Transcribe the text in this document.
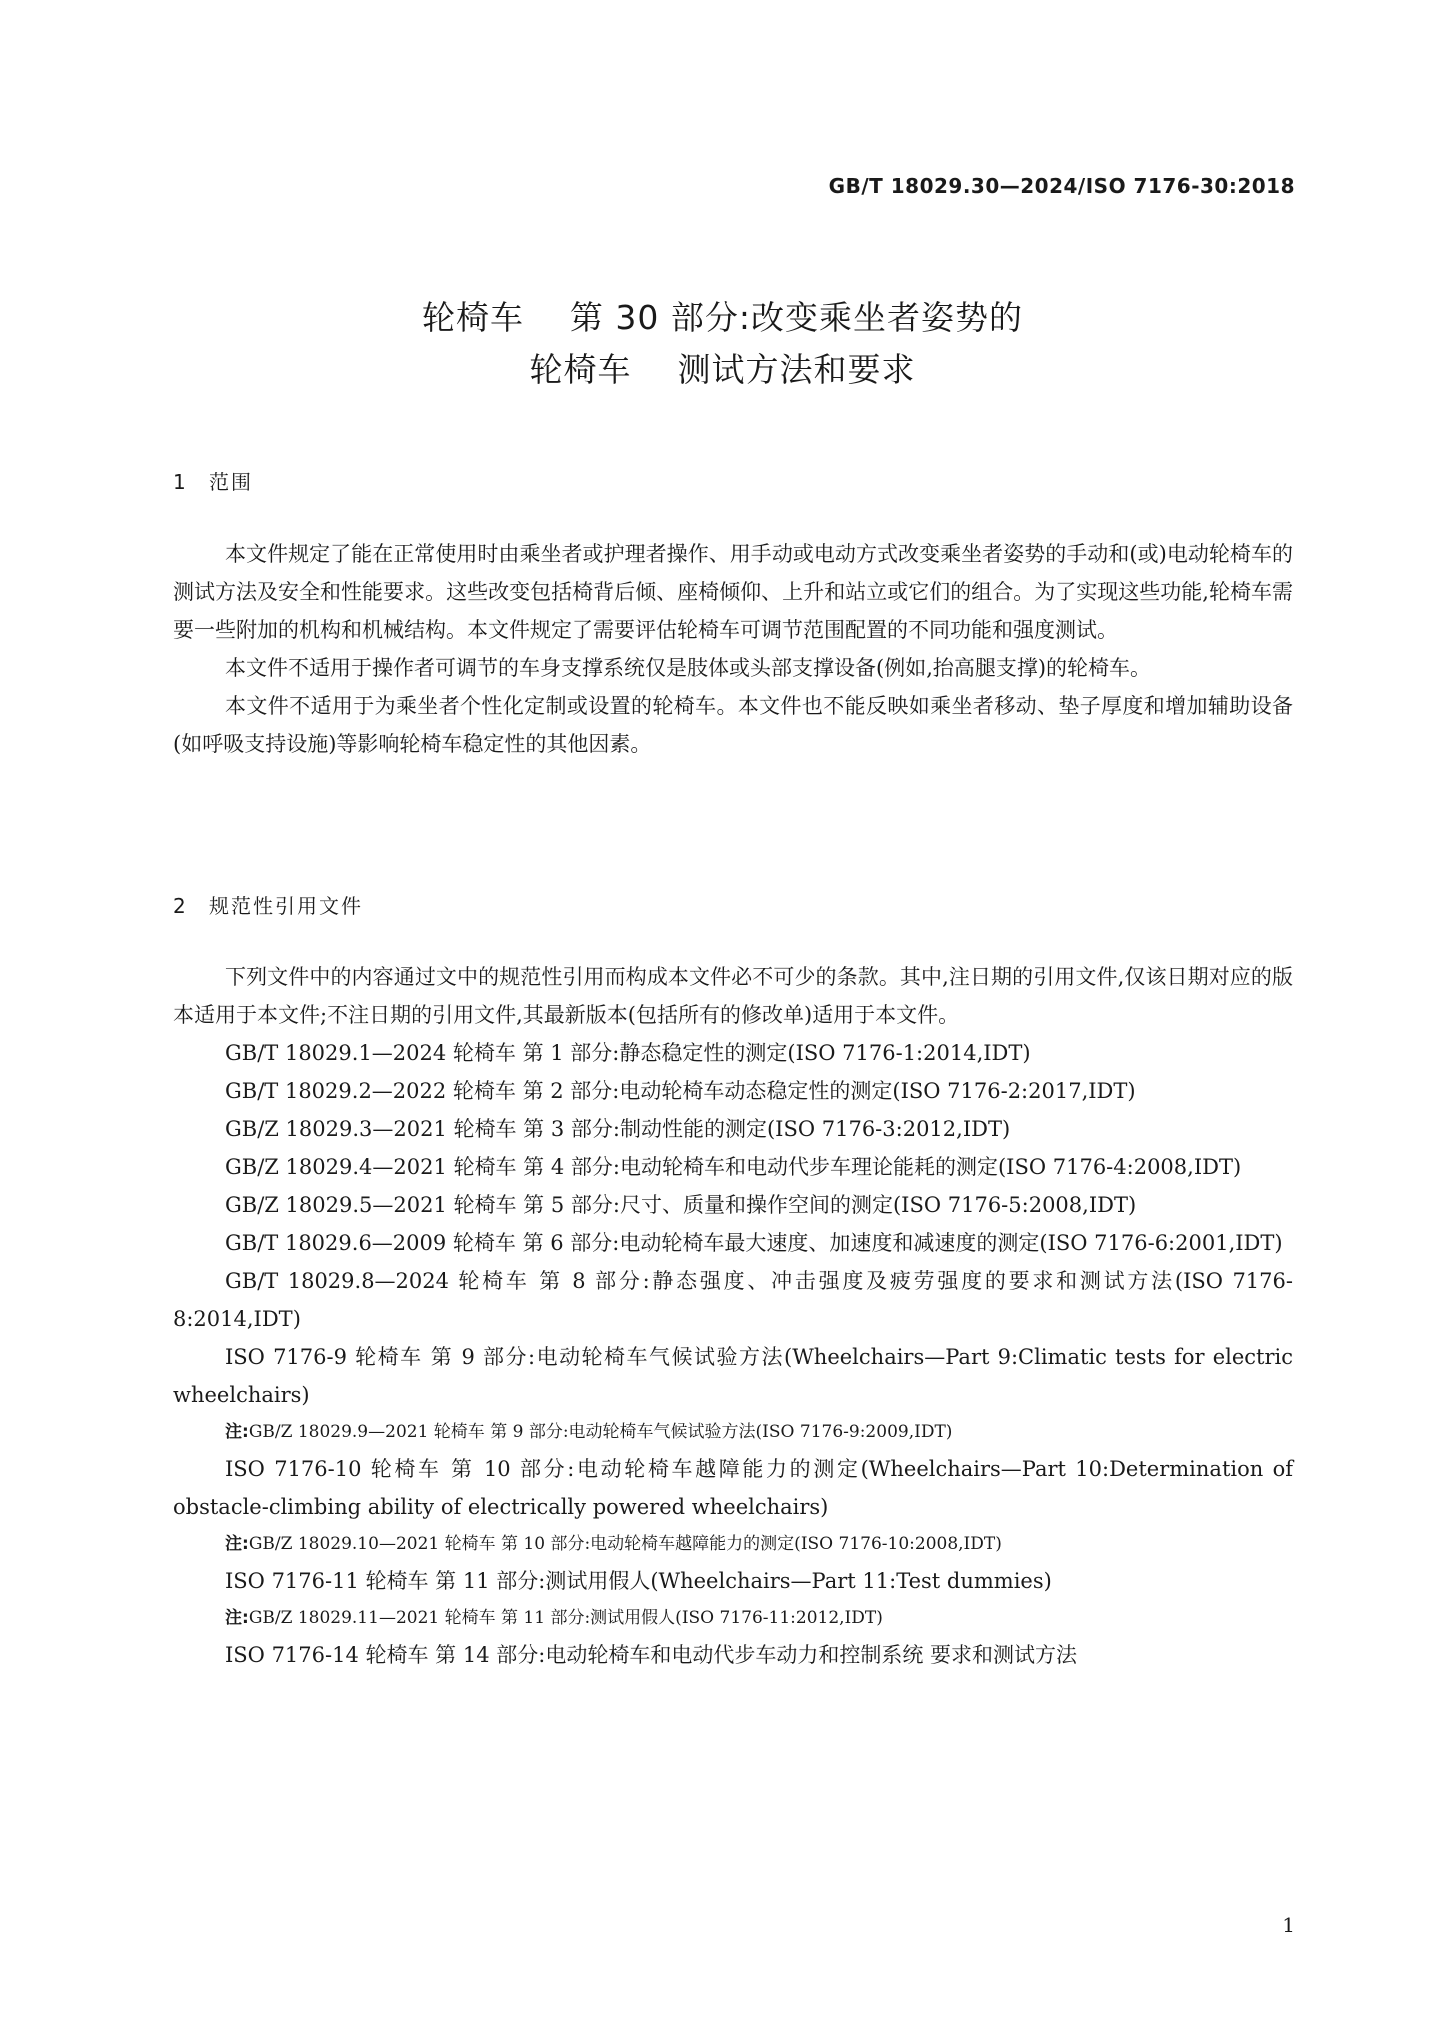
GB/T 18029.30—2024/ISO 7176-30:2018
轮椅车    第 30 部分:改变乘坐者姿势的
轮椅车    测试方法和要求
1 范围
本文件规定了能在正常使用时由乘坐者或护理者操作、用手动或电动方式改变乘坐者姿势的手动和(或)电动轮椅车的测试方法及安全和性能要求。这些改变包括椅背后倾、座椅倾仰、上升和站立或它们的组合。为了实现这些功能,轮椅车需要一些附加的机构和机械结构。本文件规定了需要评估轮椅车可调节范围配置的不同功能和强度测试。
本文件不适用于操作者可调节的车身支撑系统仅是肢体或头部支撑设备(例如,抬高腿支撑)的轮椅车。
本文件不适用于为乘坐者个性化定制或设置的轮椅车。本文件也不能反映如乘坐者移动、垫子厚度和增加辅助设备(如呼吸支持设施)等影响轮椅车稳定性的其他因素。
2 规范性引用文件
下列文件中的内容通过文中的规范性引用而构成本文件必不可少的条款。其中,注日期的引用文件,仅该日期对应的版本适用于本文件;不注日期的引用文件,其最新版本(包括所有的修改单)适用于本文件。
GB/T 18029.1—2024 轮椅车 第 1 部分:静态稳定性的测定(ISO 7176-1:2014,IDT)
GB/T 18029.2—2022 轮椅车 第 2 部分:电动轮椅车动态稳定性的测定(ISO 7176-2:2017,IDT)
GB/Z 18029.3—2021 轮椅车 第 3 部分:制动性能的测定(ISO 7176-3:2012,IDT)
GB/Z 18029.4—2021 轮椅车 第 4 部分:电动轮椅车和电动代步车理论能耗的测定(ISO 7176-4:2008,IDT)
GB/Z 18029.5—2021 轮椅车 第 5 部分:尺寸、质量和操作空间的测定(ISO 7176-5:2008,IDT)
GB/T 18029.6—2009 轮椅车 第 6 部分:电动轮椅车最大速度、加速度和减速度的测定(ISO 7176-6:2001,IDT)
GB/T 18029.8—2024 轮椅车 第 8 部分:静态强度、冲击强度及疲劳强度的要求和测试方法(ISO 7176-8:2014,IDT)
ISO 7176-9 轮椅车 第 9 部分:电动轮椅车气候试验方法(Wheelchairs—Part 9:Climatic tests for electric wheelchairs)
注:GB/Z 18029.9—2021 轮椅车 第 9 部分:电动轮椅车气候试验方法(ISO 7176-9:2009,IDT)
ISO 7176-10 轮椅车 第 10 部分:电动轮椅车越障能力的测定(Wheelchairs—Part 10:Determination of obstacle-climbing ability of electrically powered wheelchairs)
注:GB/Z 18029.10—2021 轮椅车 第 10 部分:电动轮椅车越障能力的测定(ISO 7176-10:2008,IDT)
ISO 7176-11 轮椅车 第 11 部分:测试用假人(Wheelchairs—Part 11:Test dummies)
注:GB/Z 18029.11—2021 轮椅车 第 11 部分:测试用假人(ISO 7176-11:2012,IDT)
ISO 7176-14 轮椅车 第 14 部分:电动轮椅车和电动代步车动力和控制系统 要求和测试方法
1
